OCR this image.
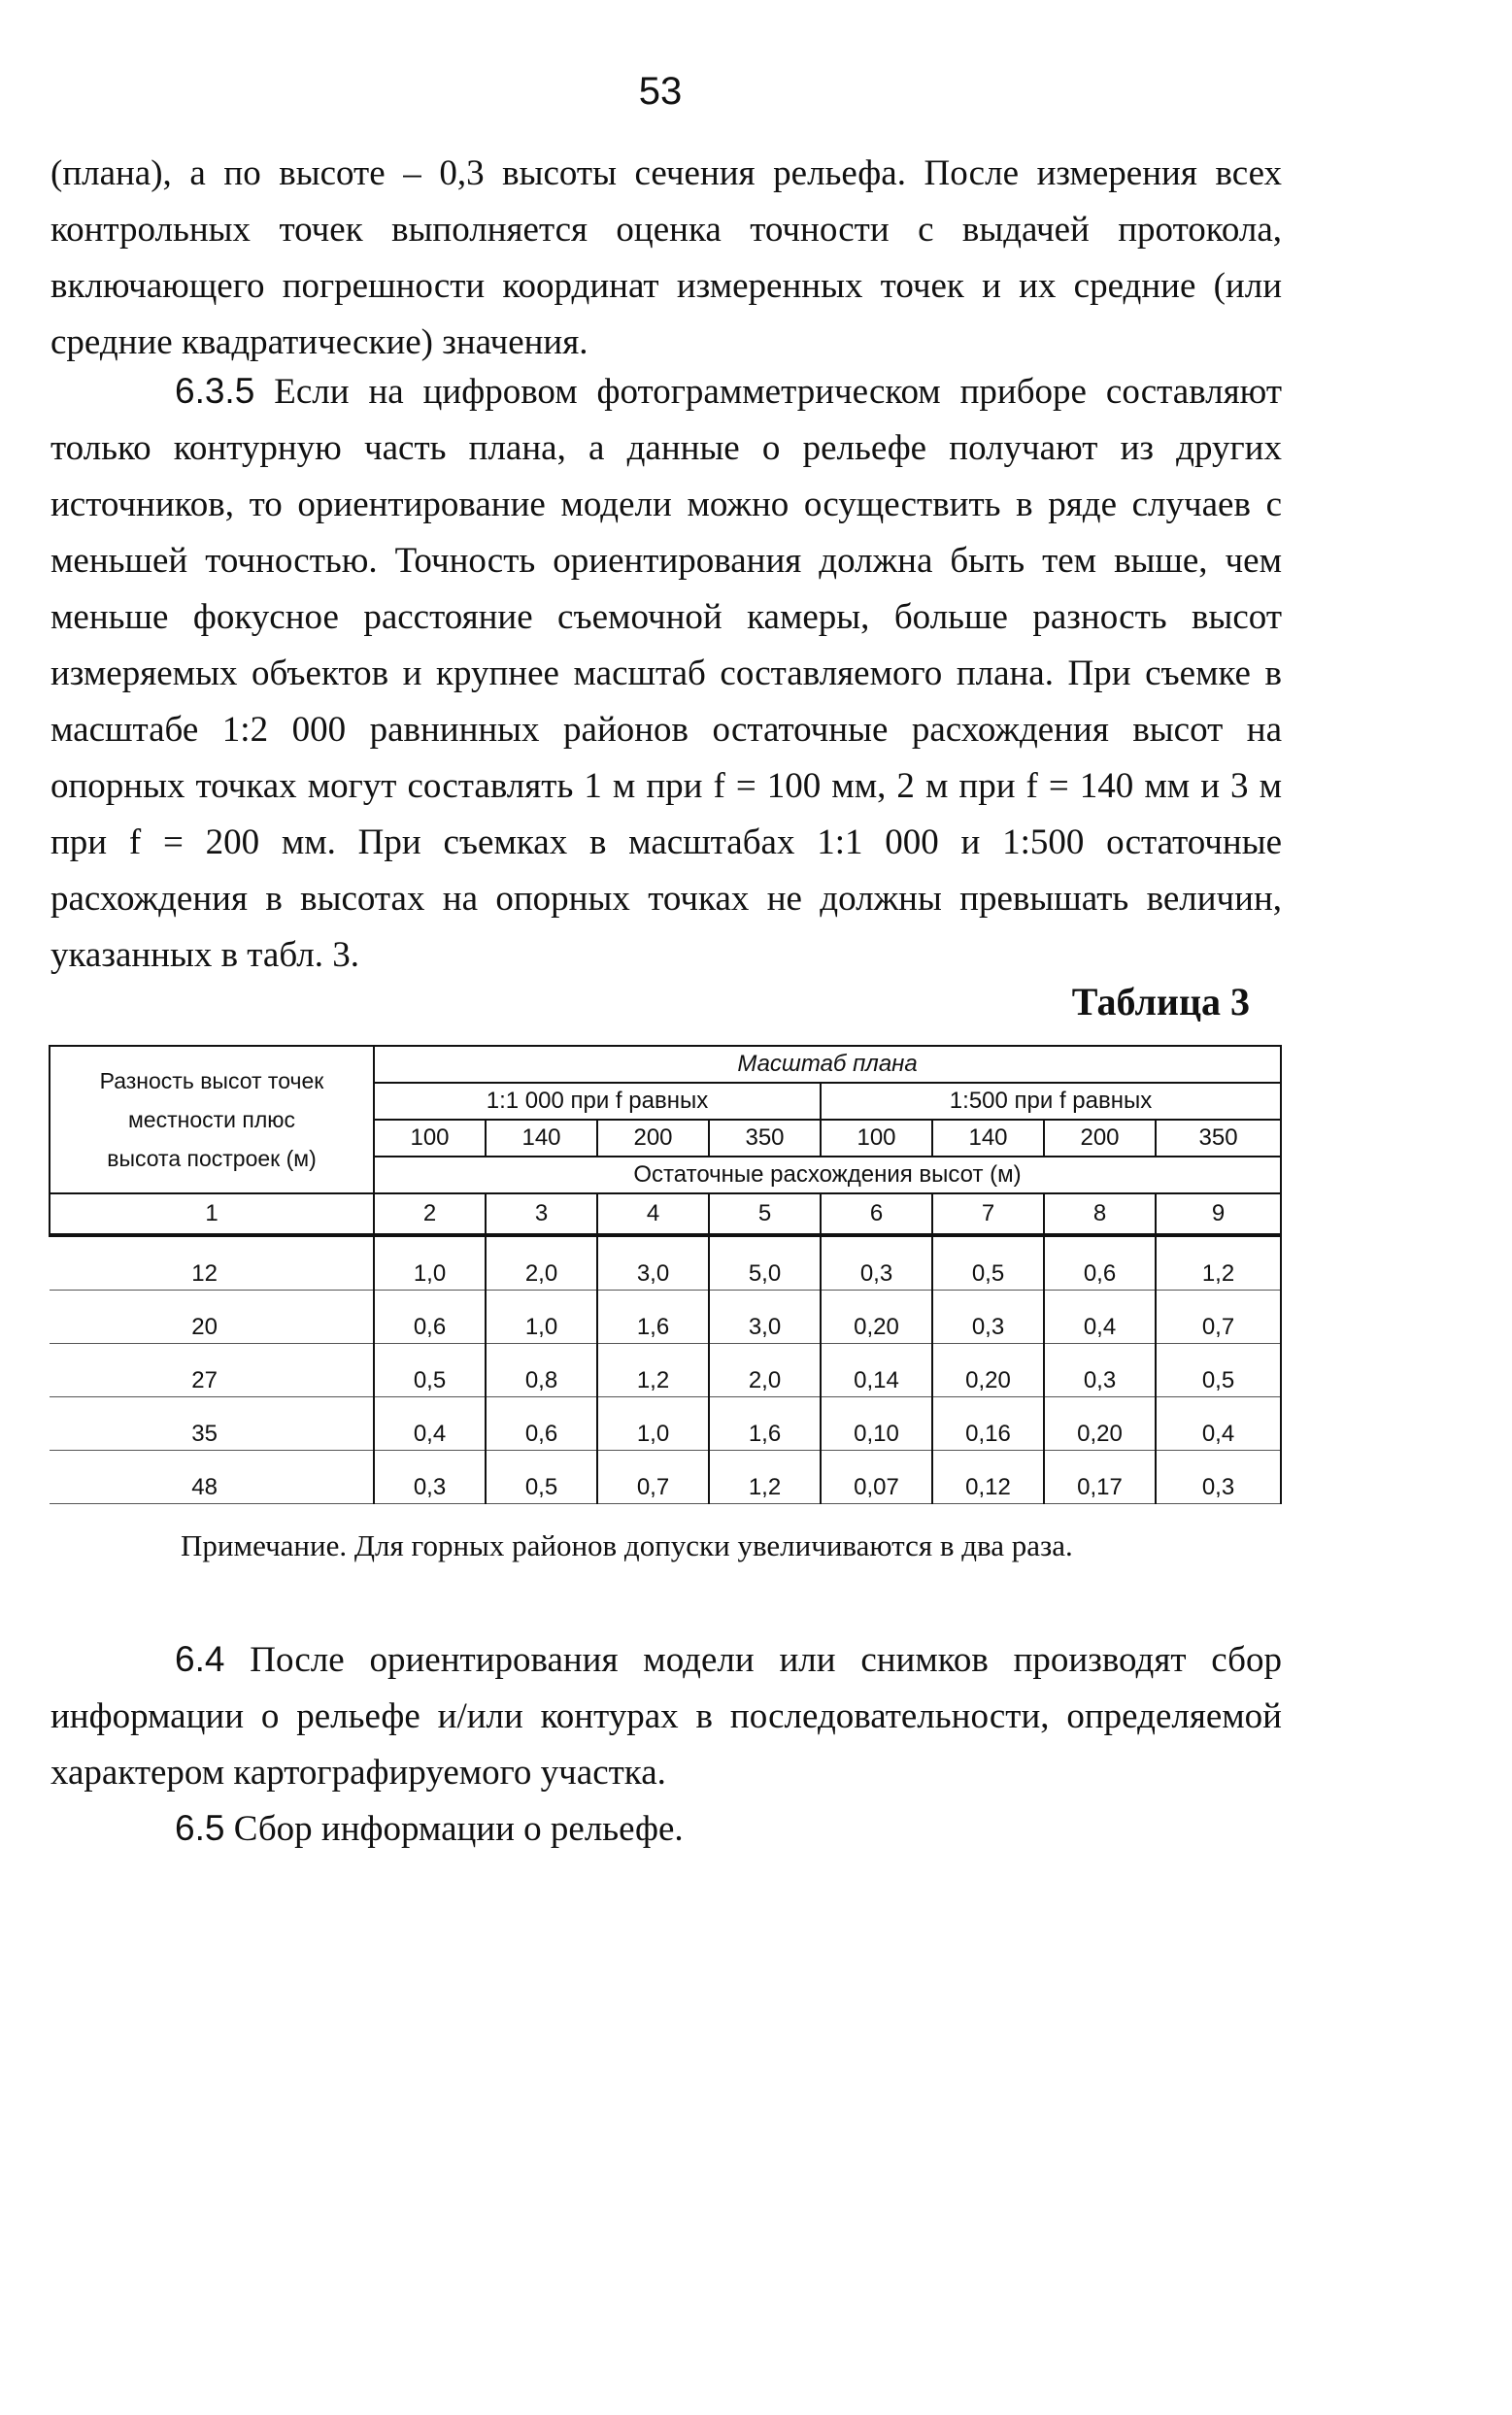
53

(плана), а по высоте – 0,3 высоты сечения рельефа. После измерения всех контрольных точек выполняется оценка точности с выдачей протокола, включающего погрешности координат измеренных точек и их средние (или средние квадратические) значения.

6.3.5 Если на цифровом фотограмметрическом приборе составляют только контурную часть плана, а данные о рельефе получают из других источников, то ориентирование модели можно осуществить в ряде случаев с меньшей точностью. Точность ориентирования должна быть тем выше, чем меньше фокусное расстояние съемочной камеры, больше разность высот измеряемых объектов и крупнее масштаб составляемого плана. При съемке в масштабе 1:2 000 равнинных районов остаточные расхождения высот на опорных точках могут составлять 1 м при f = 100 мм, 2 м при f = 140 мм и 3 м при f = 200 мм. При съемках в масштабах 1:1 000 и 1:500 остаточные расхождения в высотах на опорных точках не должны превышать величин, указанных в табл. 3.

Таблица 3
Разность высот точек
местности плюс
высота построек (м)	Масштаб плана							
	1:1 000 при f равных				1:500 при f равных			
	100	140	200	350	100	140	200	350
	Остаточные расхождения высот (м)							
1	2	3	4	5	6	7	8	9
12	1,0	2,0	3,0	5,0	0,3	0,5	0,6	1,2
20	0,6	1,0	1,6	3,0	0,20	0,3	0,4	0,7
27	0,5	0,8	1,2	2,0	0,14	0,20	0,3	0,5
35	0,4	0,6	1,0	1,6	0,10	0,16	0,20	0,4
48	0,3	0,5	0,7	1,2	0,07	0,12	0,17	0,3
Примечание. Для горных районов допуски увеличиваются в два раза.

6.4 После ориентирования модели или снимков производят сбор информации о рельефе и/или контурах в последовательности, определяемой характером картографируемого участка.

6.5 Сбор информации о рельефе.
